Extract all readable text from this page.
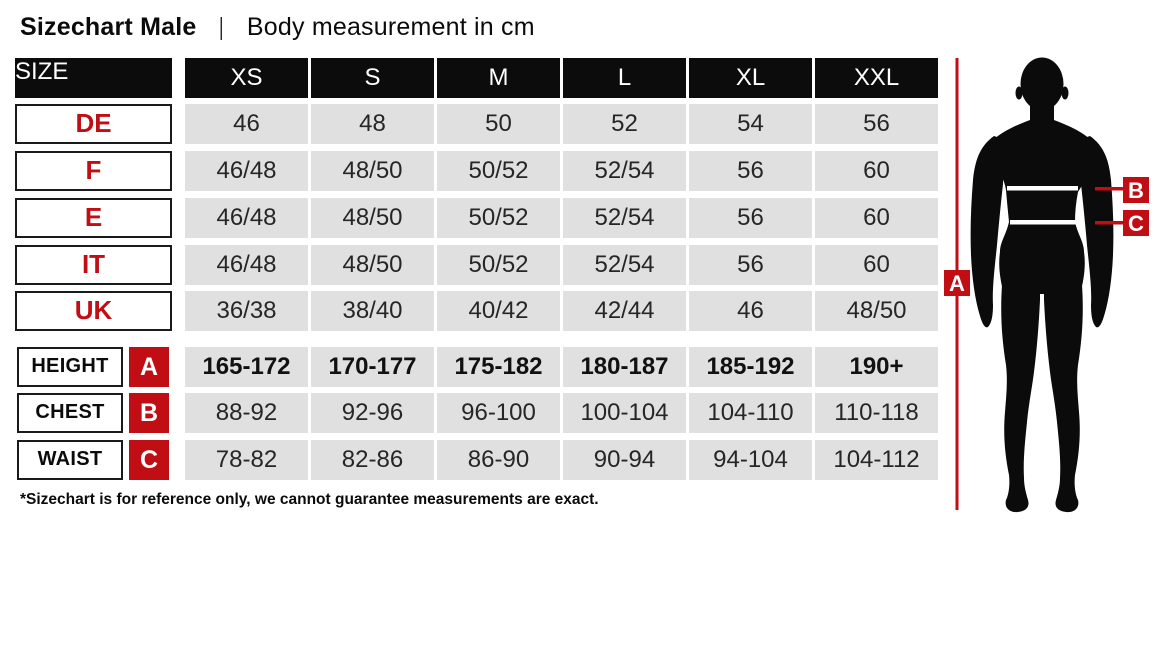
Sizechart Male | Body measurement in cm
SIZE	XS	S	M	L	XL	XXL
DE	46	48	50	52	54	56
F	46/48	48/50	50/52	52/54	56	60
E	46/48	48/50	50/52	52/54	56	60
IT	46/48	48/50	50/52	52/54	56	60
UK	36/38	38/40	40/42	42/44	46	48/50
HEIGHT	A	165-172	170-177	175-182	180-187	185-192	190+
CHEST	B	88-92	92-96	96-100	100-104	104-110	110-118
WAIST	C	78-82	82-86	86-90	90-94	94-104	104-112
*Sizechart is for reference only, we cannot guarantee measurements are exact.
B
C
A
